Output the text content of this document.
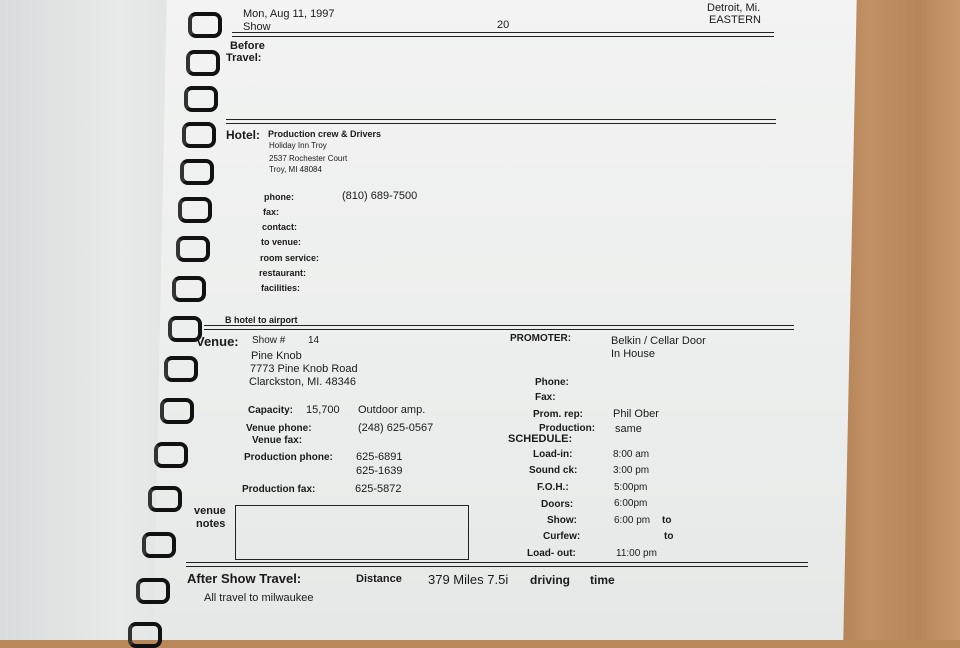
Mon, Aug 11, 1997	Detroit, Mi.
Show	20	EASTERN
Before
Travel:
Hotel: Production crew & Drivers
Holiday Inn Troy
2537 Rochester Court
Troy, MI 48084
phone:	(810) 689-7500
fax:
contact:
to venue:
room service:
restaurant:
facilities:
B hotel to airport
Venue: Show # 14
Pine Knob
7773 Pine Knob Road
Clarckston, MI. 48346
Capacity: 15,700 Outdoor amp.
Venue phone:	(248) 625-0567
Venue fax:
Production phone: 625-6891
625-1639
Production fax:	625-5872
venue
notes
PROMOTER:	Belkin / Cellar Door
In House
Phone:
Fax:
Prom. rep:	Phil Ober
Production: same
SCHEDULE:
Load-in:	8:00 am
Sound ck:	3:00 pm
F.O.H.:	5:00pm
Doors:	6:00pm
Show:	6:00 pm to
Curfew:	to
Load- out:	11:00 pm
After Show Travel:	Distance 379 Miles 7.5i driving time
All travel to milwaukee
